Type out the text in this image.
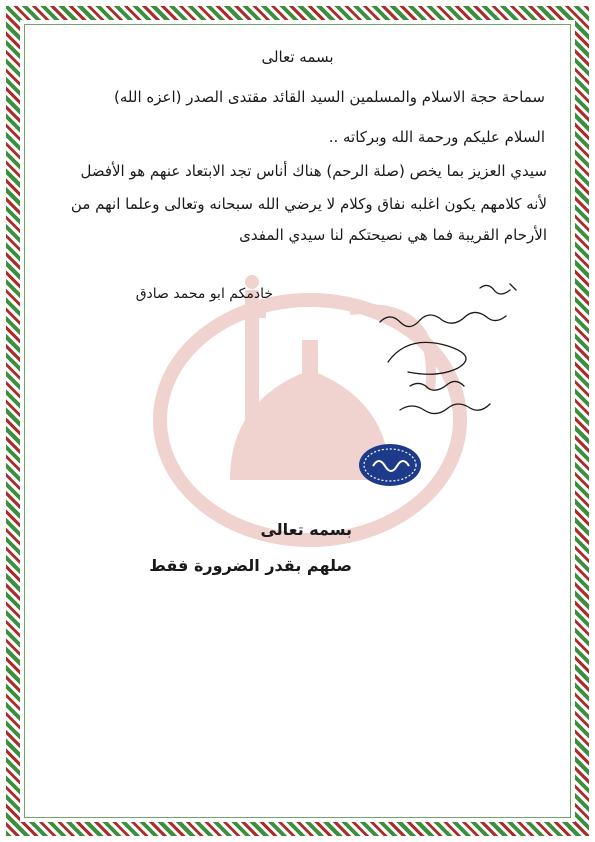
بسمه تعالى
سماحة حجة الاسلام والمسلمين السيد القائد مقتدى الصدر (اعزه الله)
السلام عليكم ورحمة الله وبركاته ..
سيدي العزيز بما يخص (صلة الرحم) هناك أناس تجد الابتعاد عنهم هو الأفضل
لأنه كلامهم يكون اغلبه نفاق وكلام لا يرضي الله سبحانه وتعالى وعلما انهم من
الأرحام القريبة فما هي نصيحتكم لنا سيدي المفدى
خادمكم ابو محمد صادق
بسمه تعالى
صلهم بقدر الضرورة فقط
